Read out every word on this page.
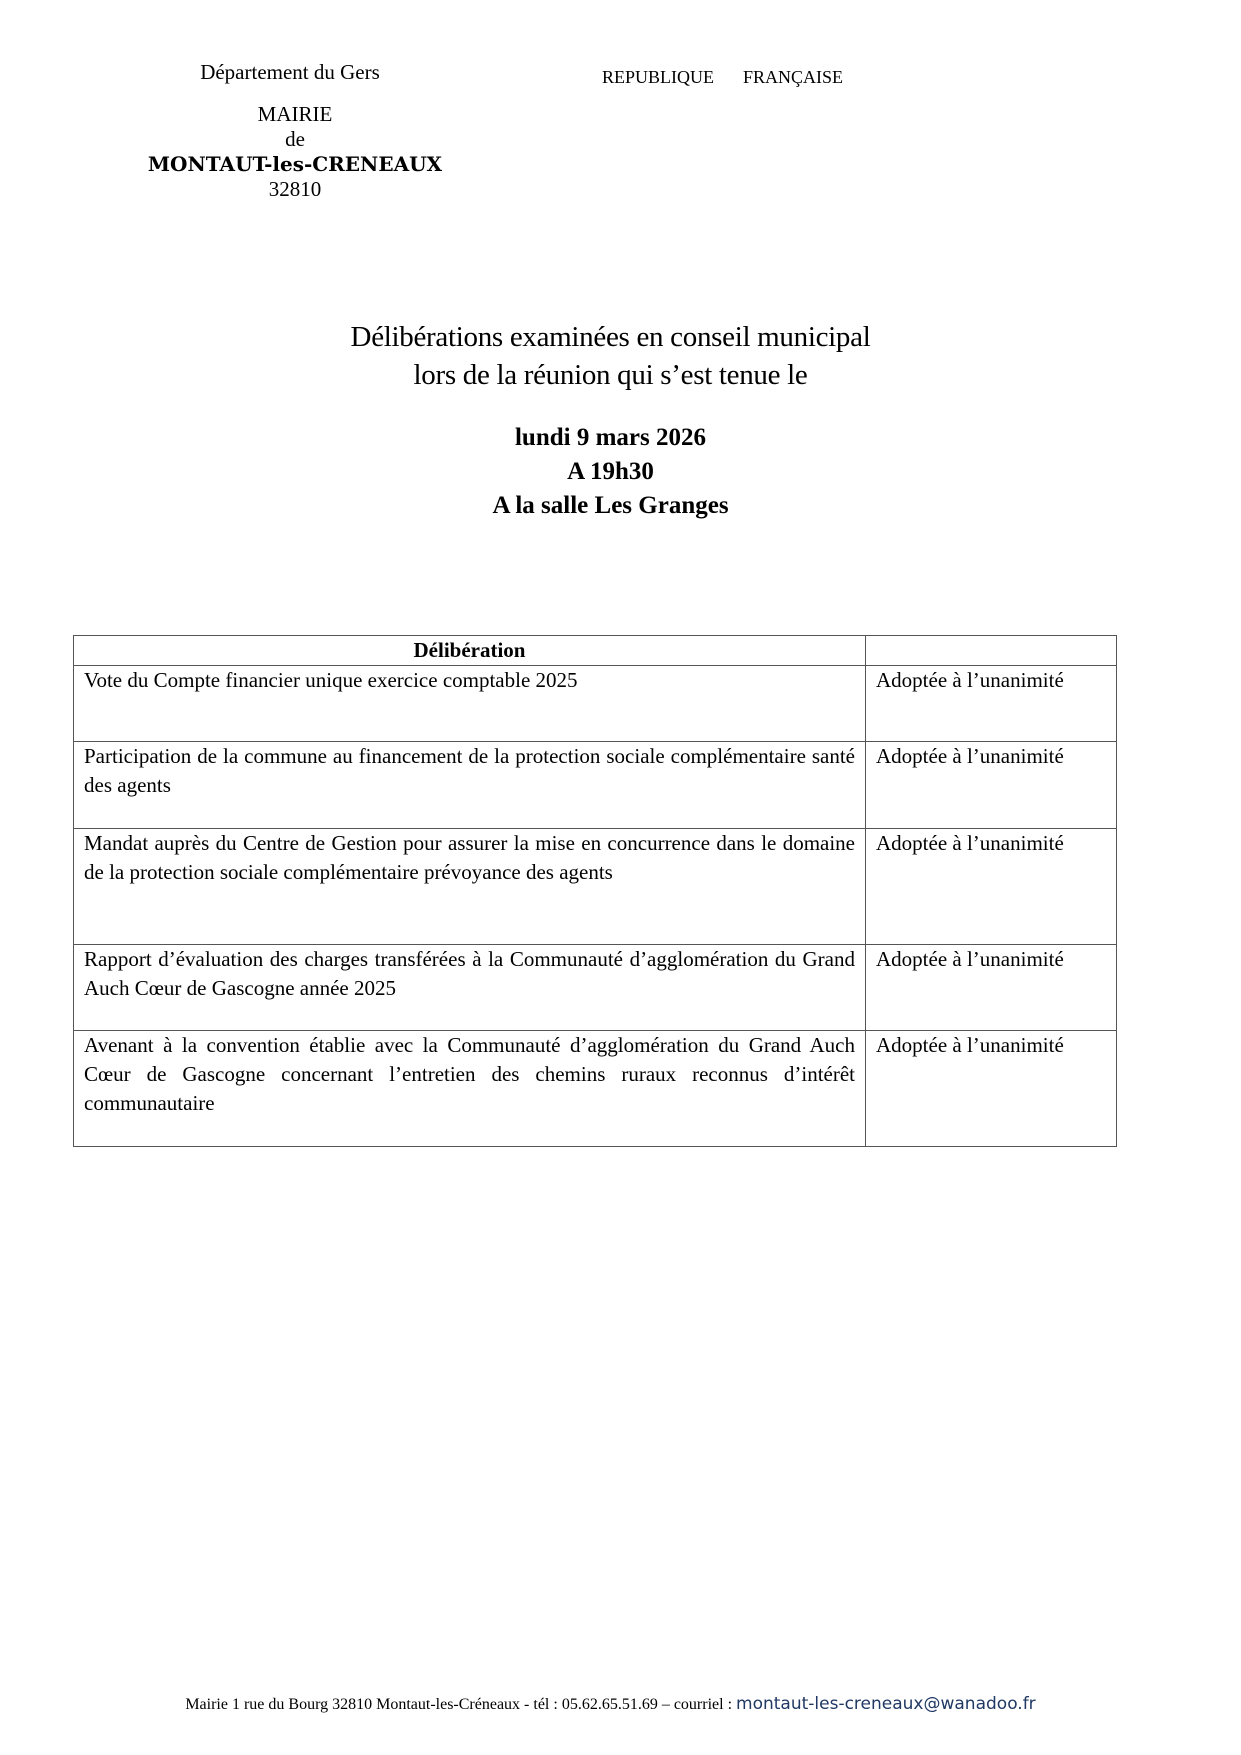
Département du Gers
MAIRIE
de
MONTAUT-les-CRENEAUX
32810
REPUBLIQUE FRANÇAISE
Délibérations examinées en conseil municipal
lors de la réunion qui s’est tenue le
lundi 9 mars 2026
A 19h30
A la salle Les Granges
Délibération	
Vote du Compte financier unique exercice comptable 2025	Adoptée à l’unanimité
Participation de la commune au financement de la protection sociale complémentaire santé des agents	Adoptée à l’unanimité
Mandat auprès du Centre de Gestion pour assurer la mise en concurrence dans le domaine de la protection sociale complémentaire prévoyance des agents	Adoptée à l’unanimité
Rapport d’évaluation des charges transférées à la Communauté d’agglomération du Grand Auch Cœur de Gascogne année 2025	Adoptée à l’unanimité
Avenant à la convention établie avec la Communauté d’agglomération du Grand Auch Cœur de Gascogne concernant l’entretien des chemins ruraux reconnus d’intérêt communautaire	Adoptée à l’unanimité
Mairie 1 rue du Bourg 32810 Montaut-les-Créneaux - tél : 05.62.65.51.69 – courriel : montaut-les-creneaux@wanadoo.fr
